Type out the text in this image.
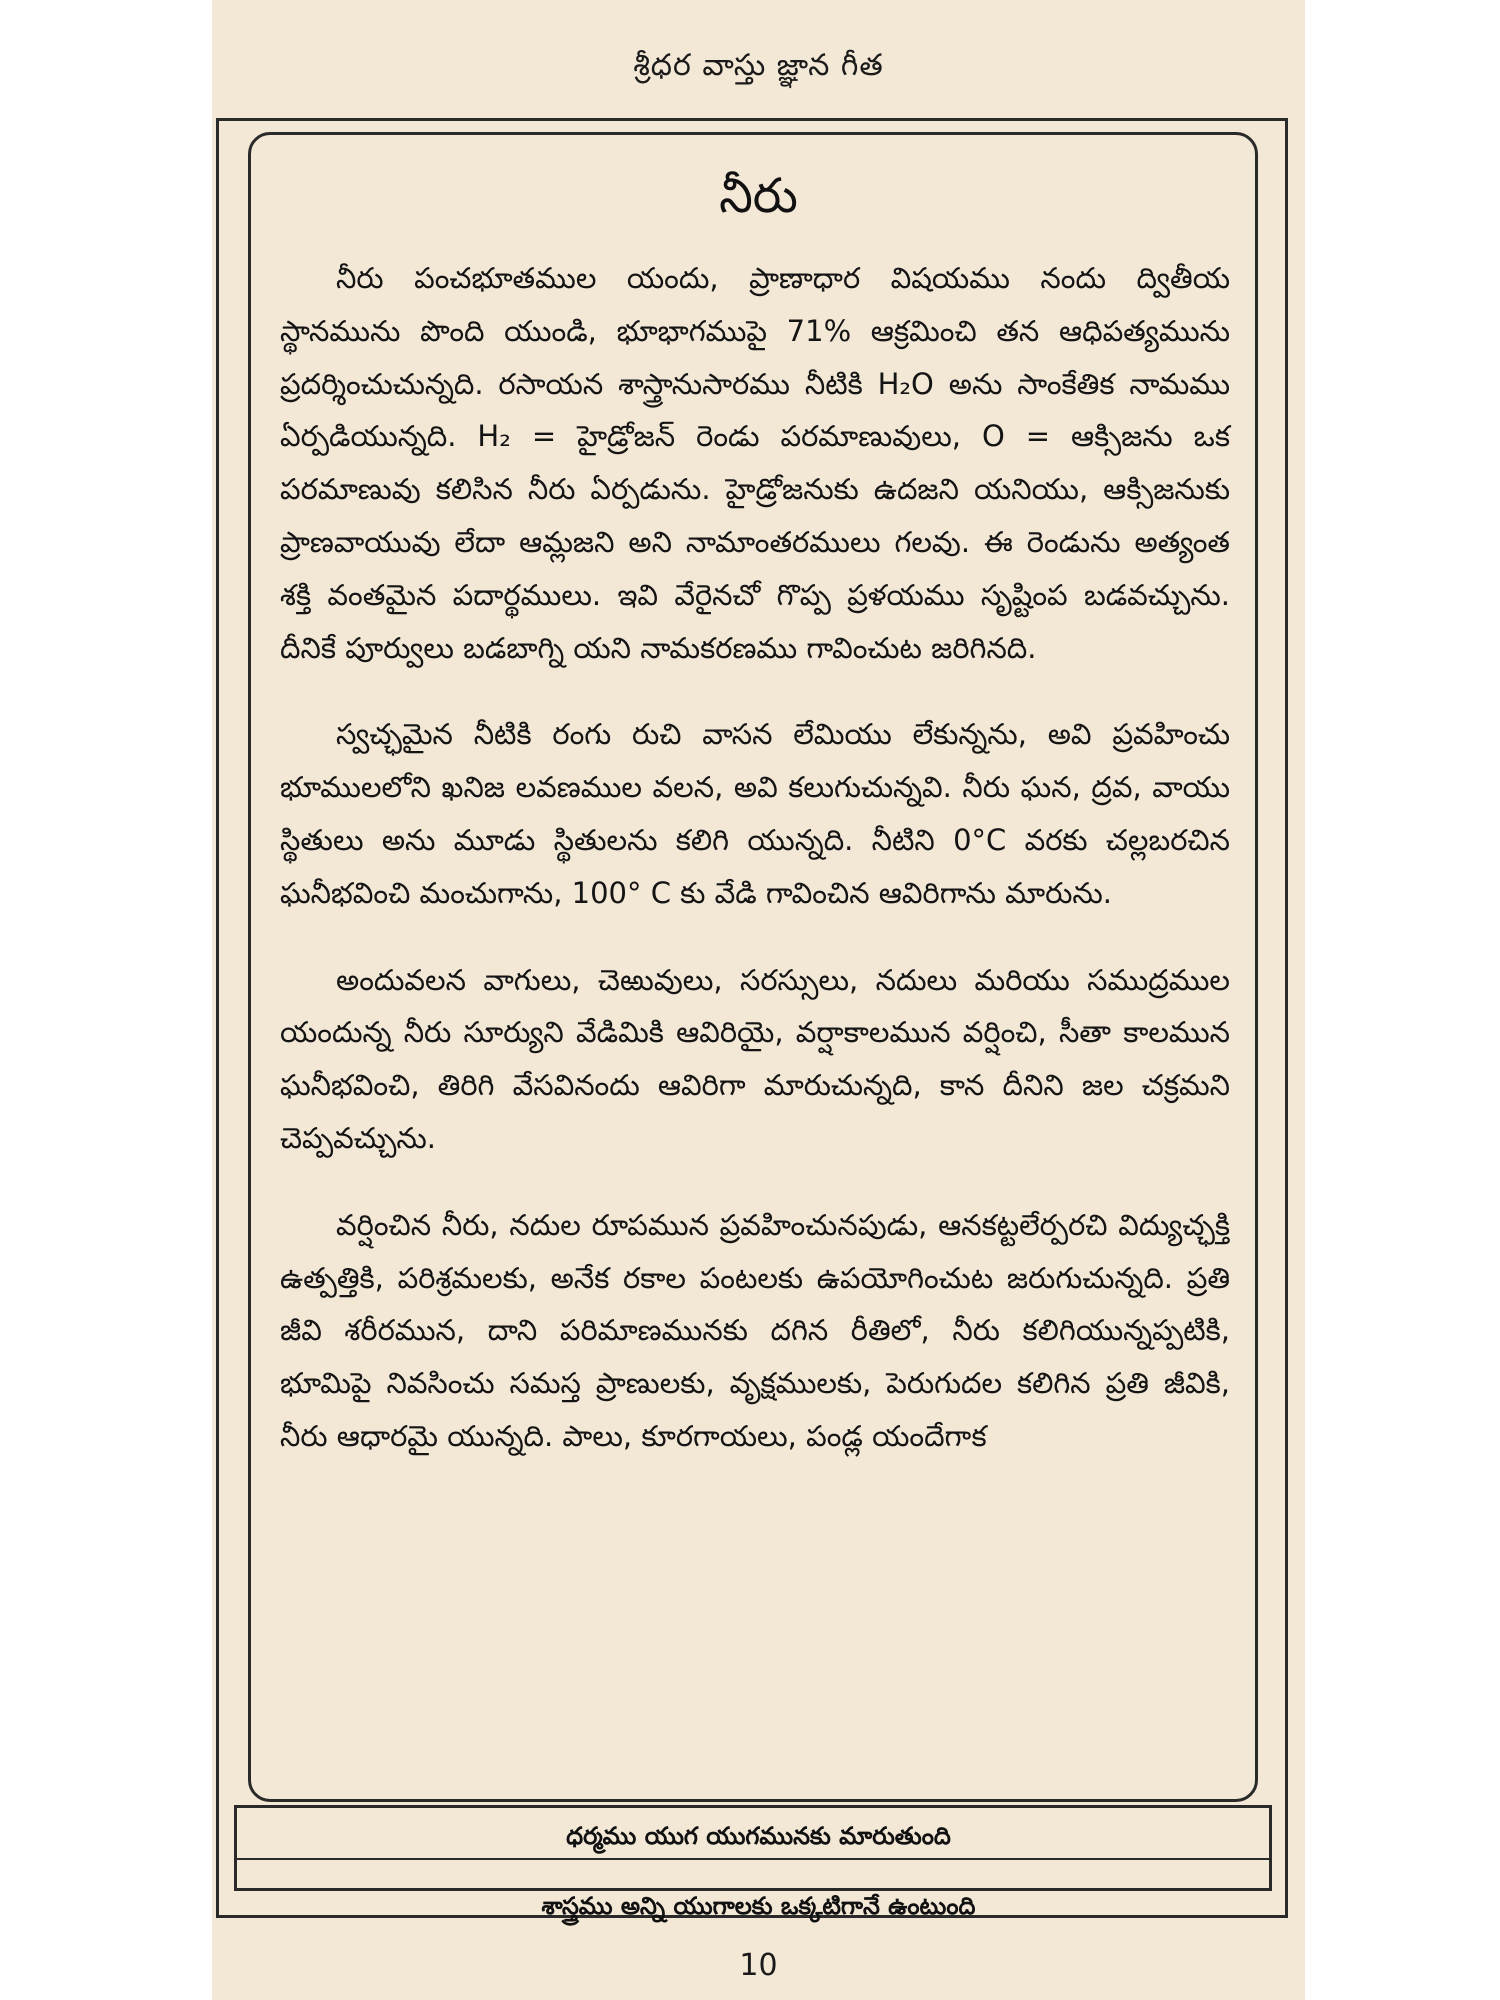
శ్రీధర వాస్తు జ్ఞాన గీత
నీరు

నీరు పంచభూతముల యందు, ప్రాణాధార విషయము నందు ద్వితీయ స్థానమును పొంది యుండి, భూభాగముపై 71% ఆక్రమించి తన ఆధిపత్యమును ప్రదర్శించుచున్నది. రసాయన శాస్త్రానుసారము నీటికి H₂O అను సాంకేతిక నామము ఏర్పడియున్నది. H₂ = హైడ్రోజన్ రెండు పరమాణువులు, O = ఆక్సిజను ఒక పరమాణువు కలిసిన నీరు ఏర్పడును. హైడ్రోజనుకు ఉదజని యనియు, ఆక్సిజనుకు ప్రాణవాయువు లేదా ఆమ్లజని అని నామాంతరములు గలవు. ఈ రెండును అత్యంత శక్తి వంతమైన పదార్థములు. ఇవి వేరైనచో గొప్ప ప్రళయము సృష్టింప బడవచ్చును. దీనికే పూర్వులు బడబాగ్ని యని నామకరణము గావించుట జరిగినది.

స్వచ్ఛమైన నీటికి రంగు రుచి వాసన లేమియు లేకున్నను, అవి ప్రవహించు భూములలోని ఖనిజ లవణముల వలన, అవి కలుగుచున్నవి. నీరు ఘన, ద్రవ, వాయు స్థితులు అను మూడు స్థితులను కలిగి యున్నది. నీటిని 0°C వరకు చల్లబరచిన ఘనీభవించి మంచుగాను, 100° C కు వేడి గావించిన ఆవిరిగాను మారును.

అందువలన వాగులు, చెఱువులు, సరస్సులు, నదులు మరియు సముద్రముల యందున్న నీరు సూర్యుని వేడిమికి ఆవిరియై, వర్షాకాలమున వర్షించి, సీతా కాలమున ఘనీభవించి, తిరిగి వేసవినందు ఆవిరిగా మారుచున్నది, కాన దీనిని జల చక్రమని చెప్పవచ్చును.

వర్షించిన నీరు, నదుల రూపమున ప్రవహించునపుడు, ఆనకట్టలేర్పరచి విద్యుచ్ఛక్తి ఉత్పత్తికి, పరిశ్రమలకు, అనేక రకాల పంటలకు ఉపయోగించుట జరుగుచున్నది. ప్రతి జీవి శరీరమున, దాని పరిమాణమునకు దగిన రీతిలో, నీరు కలిగియున్నప్పటికి, భూమిపై నివసించు సమస్త ప్రాణులకు, వృక్షములకు, పెరుగుదల కలిగిన ప్రతి జీవికి, నీరు ఆధారమై యున్నది. పాలు, కూరగాయలు, పండ్ల యందేగాక

ధర్మము యుగ యుగమునకు మారుతుంది
శాస్త్రము అన్ని యుగాలకు ఒక్కటిగానే ఉంటుంది
10
